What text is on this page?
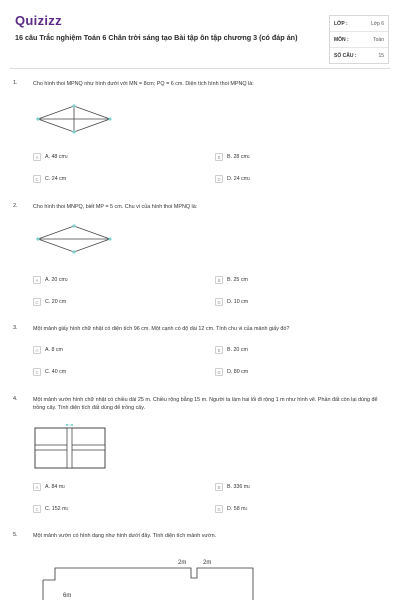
Quizizz
16 câu Trắc nghiệm Toán 6 Chân trời sáng tạo Bài tập ôn tập chương 3 (có đáp án)
LỚP :	Lớp 6
MÔN :	Toán
SỐ CÂU :	15
1.	Cho hình thoi MPNQ như hình dưới với MN = 8cm; PQ = 6 cm. Diện tích hình thoi MPNQ là:
A	A. 48 cm 2	B	B. 28 cm 2
C	C. 24 cm	D	D. 24 cm 2
2.	Cho hình thoi MNPQ, biết MP = 5 cm. Chu vi của hình thoi MPNQ là:
A	A. 20 cm 2	B	B. 25 cm
C	C. 20 cm	D	D. 10 cm
3.	Một mảnh giấy hình chữ nhật có diện tích 96 cm. Một cạnh có độ dài 12 cm. Tính chu vi của mảnh giấy đó?
A	A. 8 cm	B	B. 20 cm
C	C. 40 cm	D	D. 80 cm
4.	Một mảnh vườn hình chữ nhật có chiều dài 25 m. Chiều rộng bằng 15 m. Người ta làm hai lối đi rộng 1 m như hình vẽ. Phần đất còn lại dùng để trồng cây. Tính diện tích đất dùng để trồng cây.
A	A. 84 m 2	B	B. 336 m 2
C	C. 152 m 2	D	D. 58 m 2
5.	Một mảnh vườn có hình dạng như hình dưới đây. Tính diện tích mảnh vườn.
2m	2m
6m
